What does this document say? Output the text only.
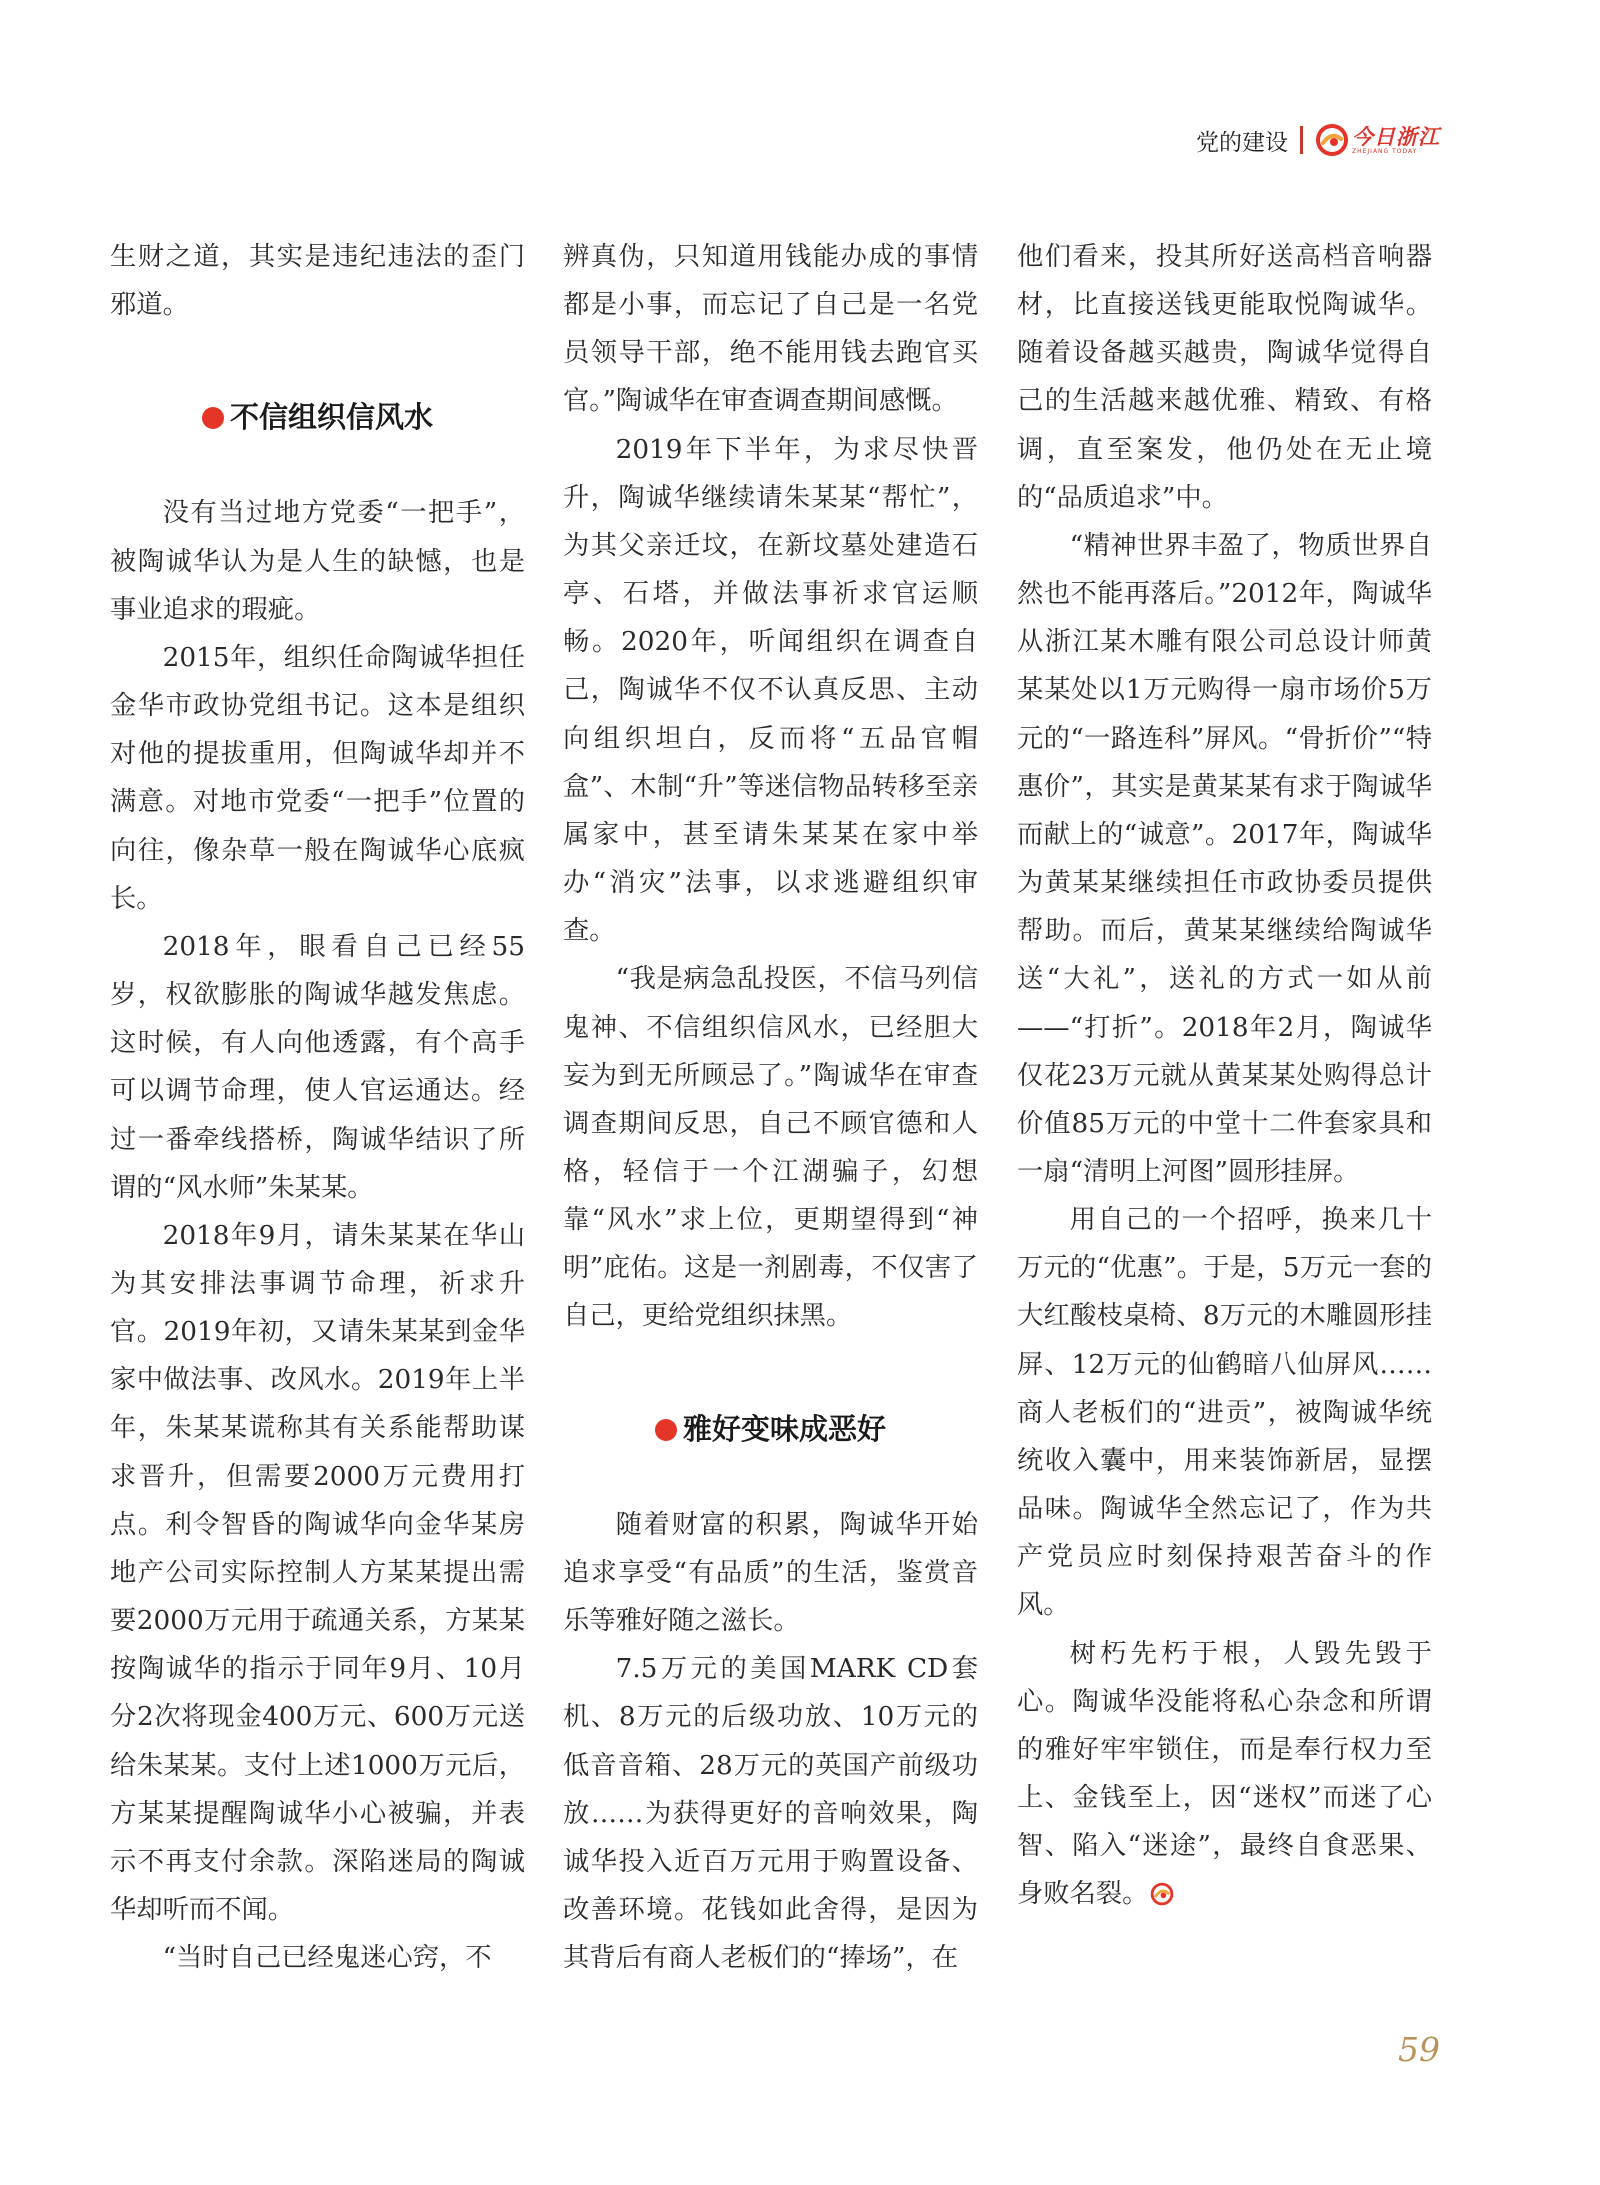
党的建设	今日浙江
ZHEJIANG TODAY

生财之道，其实是违纪违法的歪门邪道。

不信组织信风水

没有当过地方党委“一把手”，被陶诚华认为是人生的缺憾，也是事业追求的瑕疵。

2015年，组织任命陶诚华担任金华市政协党组书记。这本是组织对他的提拔重用，但陶诚华却并不满意。对地市党委“一把手”位置的向往，像杂草一般在陶诚华心底疯长。

2018年，眼看自己已经55岁，权欲膨胀的陶诚华越发焦虑。这时候，有人向他透露，有个高手可以调节命理，使人官运通达。经过一番牵线搭桥，陶诚华结识了所谓的“风水师”朱某某。

2018年9月，请朱某某在华山为其安排法事调节命理，祈求升官。2019年初，又请朱某某到金华家中做法事、改风水。2019年上半年，朱某某谎称其有关系能帮助谋求晋升，但需要2000万元费用打点。利令智昏的陶诚华向金华某房地产公司实际控制人方某某提出需要2000万元用于疏通关系，方某某按陶诚华的指示于同年9月、10月分2次将现金400万元、600万元送给朱某某。支付上述1000万元后，方某某提醒陶诚华小心被骗，并表示不再支付余款。深陷迷局的陶诚华却听而不闻。

“当时自己已经鬼迷心窍，不

辨真伪，只知道用钱能办成的事情都是小事，而忘记了自己是一名党员领导干部，绝不能用钱去跑官买官。”陶诚华在审查调查期间感慨。

2019年下半年，为求尽快晋升，陶诚华继续请朱某某“帮忙”，为其父亲迁坟，在新坟墓处建造石亭、石塔，并做法事祈求官运顺畅。2020年，听闻组织在调查自己，陶诚华不仅不认真反思、主动向组织坦白，反而将“五品官帽盒”、木制“升”等迷信物品转移至亲属家中，甚至请朱某某在家中举办“消灾”法事，以求逃避组织审查。

“我是病急乱投医，不信马列信鬼神、不信组织信风水，已经胆大妄为到无所顾忌了。”陶诚华在审查调查期间反思，自己不顾官德和人格，轻信于一个江湖骗子，幻想靠“风水”求上位，更期望得到“神明”庇佑。这是一剂剧毒，不仅害了自己，更给党组织抹黑。

雅好变味成恶好

随着财富的积累，陶诚华开始追求享受“有品质”的生活，鉴赏音乐等雅好随之滋长。

7.5万元的美国MARK CD套机、8万元的后级功放、10万元的低音音箱、28万元的英国产前级功放……为获得更好的音响效果，陶诚华投入近百万元用于购置设备、改善环境。花钱如此舍得，是因为其背后有商人老板们的“捧场”，在

他们看来，投其所好送高档音响器材，比直接送钱更能取悦陶诚华。随着设备越买越贵，陶诚华觉得自己的生活越来越优雅、精致、有格调，直至案发，他仍处在无止境的“品质追求”中。

“精神世界丰盈了，物质世界自然也不能再落后。”2012年，陶诚华从浙江某木雕有限公司总设计师黄某某处以1万元购得一扇市场价5万元的“一路连科”屏风。“骨折价”“特惠价”，其实是黄某某有求于陶诚华而献上的“诚意”。2017年，陶诚华为黄某某继续担任市政协委员提供帮助。而后，黄某某继续给陶诚华送“大礼”，送礼的方式一如从前——“打折”。2018年2月，陶诚华仅花23万元就从黄某某处购得总计价值85万元的中堂十二件套家具和一扇“清明上河图”圆形挂屏。

用自己的一个招呼，换来几十万元的“优惠”。于是，5万元一套的大红酸枝桌椅、8万元的木雕圆形挂屏、12万元的仙鹤暗八仙屏风……商人老板们的“进贡”，被陶诚华统统收入囊中，用来装饰新居，显摆品味。陶诚华全然忘记了，作为共产党员应时刻保持艰苦奋斗的作风。

树朽先朽于根，人毁先毁于心。陶诚华没能将私心杂念和所谓的雅好牢牢锁住，而是奉行权力至上、金钱至上，因“迷权”而迷了心智、陷入“迷途”，最终自食恶果、身败名裂。

59
